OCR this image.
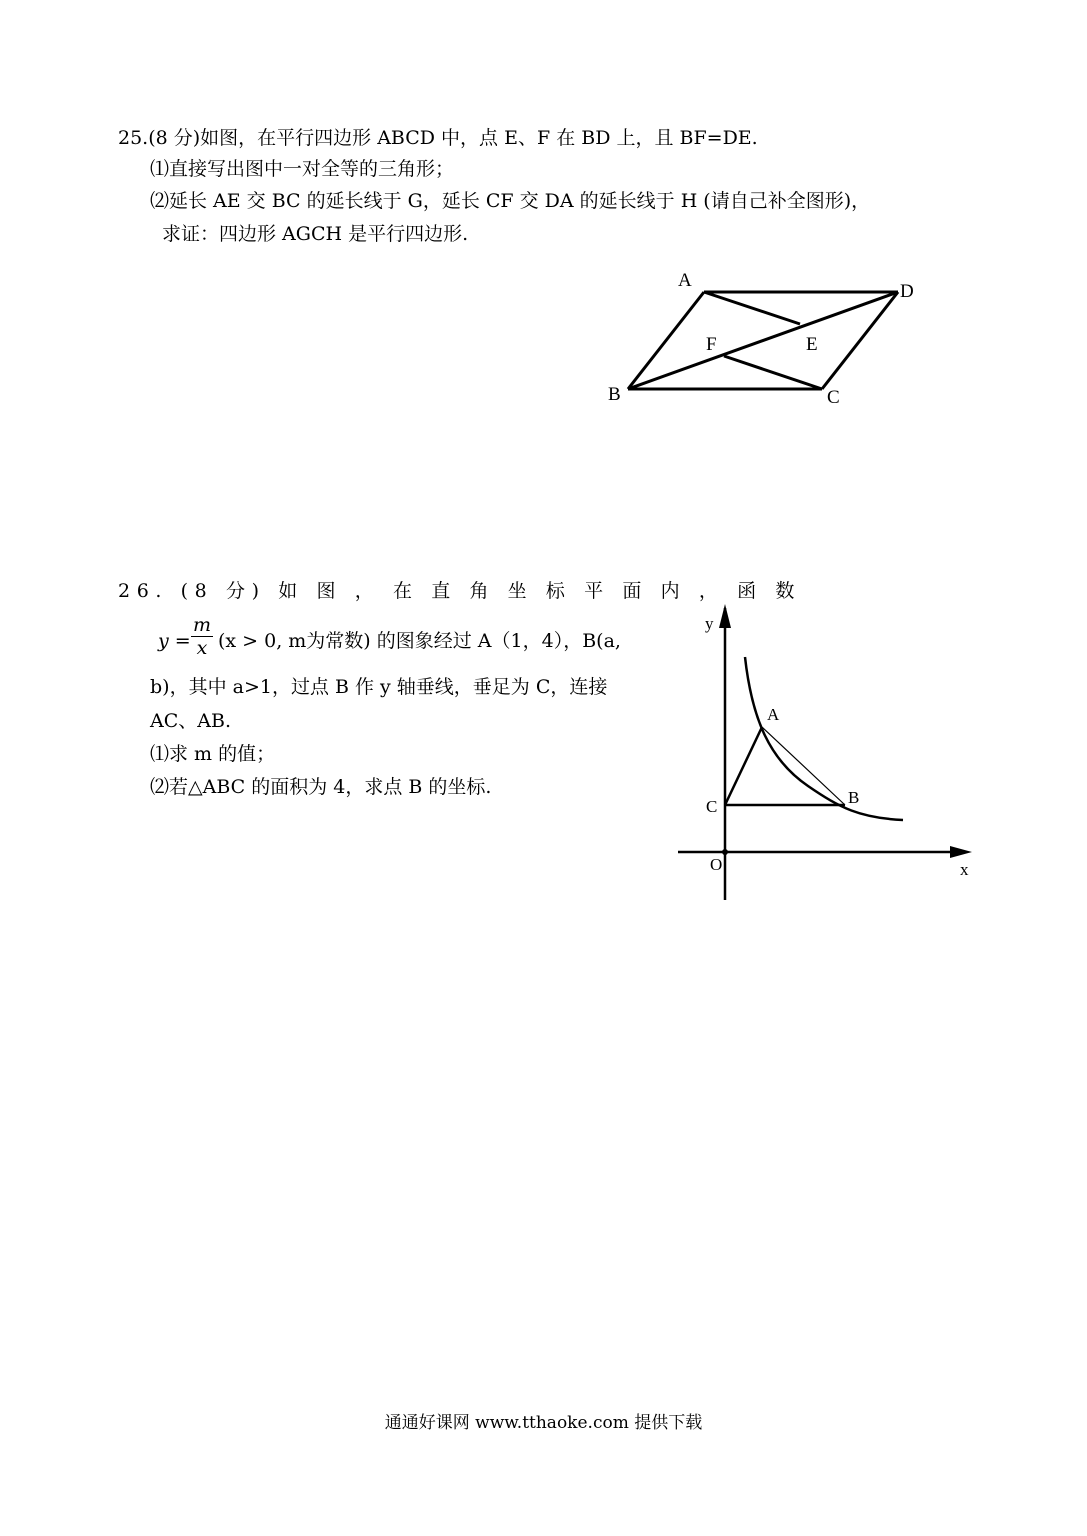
25.(8 分)如图，在平行四边形 ABCD 中，点 E、F 在 BD 上，且 BF=DE.
⑴直接写出图中一对全等的三角形；
⑵延长 AE 交 BC 的延长线于 G，延长 CF 交 DA 的延长线于 H (请自己补全图形)，
求证：四边形 AGCH 是平行四边形.
A
D
B	C
F	E
26. (8 分) 如 图 ， 在 直 角 坐 标 平 面 内 ， 函 数
y =
m
x (x > 0, m为常数) 的图象经过 A（1，4），B(a,
b)，其中 a>1，过点 B 作 y 轴垂线，垂足为 C，连接
AC、AB.
⑴求 m 的值；
⑵若△ABC 的面积为 4，求点 B 的坐标.
y
x
O
A
B
C
通通好课网 www.tthaoke.com 提供下载
